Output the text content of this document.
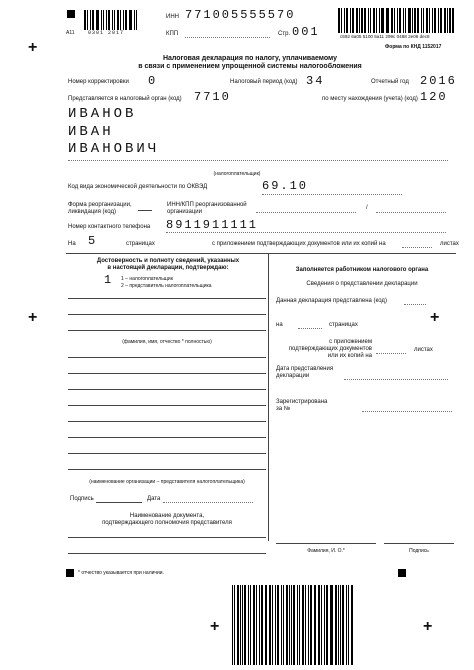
+
+	+
+	+
А11	0301 2017
ИНН 771005555570
КПП	Стр. 001	c592 6a05 5100 5a11 299c 0488 2e06 dec8
Форма по КНД 1152017
Налоговая декларация по налогу, уплачиваемому
в связи с применением упрощенной системы налогообложения
Номер корректировки 0	Налоговый период (код) 34	Отчетный год 2016
Представляется в налоговый орган (код) 7710	по месту нахождения (учета) (код) 120
ИВАНОВ
ИВАН
ИВАНОВИЧ
(налогоплательщик)
Код вида экономической деятельности по ОКВЭД	69.10
Форма реорганизации,
ликвидация (код)
ИНН/КПП реорганизованной
организации
/
Номер контактного телефона 8911911111
На 5	страницах	с приложением подтверждающих документов или их копий на	листах
Достоверность и полноту сведений, указанных
в настоящей декларации, подтверждаю:
1 1 – налогоплательщик
2 – представитель налогоплательщика
(фамилия, имя, отчество * полностью)
(наименование организации – представителя налогоплательщика)
Подпись	Дата
Наименование документа,
подтверждающего полномочия представителя
Заполняется работником налогового органа
Сведения о представлении декларации
Данная декларация представлена (код)
на	страницах
с приложением
подтверждающих документов
или их копий на
листах
Дата представления
декларации
Зарегистрирована
за №
Фамилия, И. О.*	Подпись
* отчество указывается при наличии.
